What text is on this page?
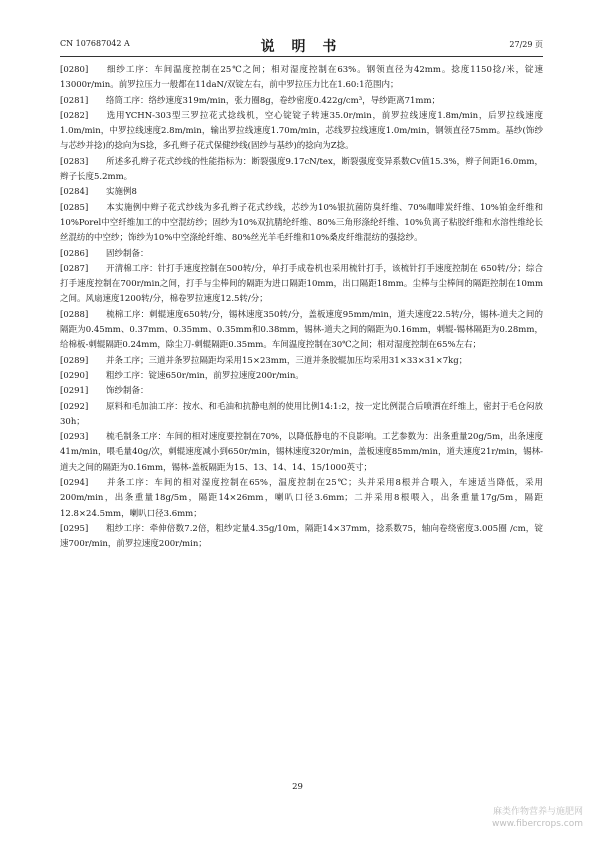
CN 107687042 A	说 明 书	27/29 页

[0280] 细纱工序：车间温度控制在25℃之间；相对湿度控制在63%。钢领直径为42mm。捻度1150捻/米，锭速13000r/min。前罗拉压力一般都在11daN/双锭左右，前中罗拉压力比在1.60:1范围内；

[0281] 络筒工序：络纱速度319m/min，张力圈8g，卷纱密度0.422g/cm³，导纱距离71mm；

[0282] 选用YCHN-303型三罗拉花式捻线机，空心锭锭子转速35.0r/min，前罗拉线速度1.8m/min，后罗拉线速度1.0m/min，中罗拉线速度2.8m/min，输出罗拉线速度1.70m/min，芯线罗拉线速度1.0m/min，钢领直径75mm。基纱(饰纱与芯纱并捻)的捻向为S捻，多孔辫子花式保健纱线(固纱与基纱)的捻向为Z捻。

[0283] 所述多孔辫子花式纱线的性能指标为：断裂强度9.17cN/tex，断裂强度变异系数Cv值15.3%，辫子间距16.0mm，辫子长度5.2mm。

[0284] 实施例8

[0285] 本实施例中辫子花式纱线为多孔辫子花式纱线，芯纱为10%银抗菌防臭纤维、70%咖啡炭纤维、10%铂金纤维和10%Porel中空纤维加工的中空混纺纱；固纱为10%双抗腈纶纤维、80%三角形涤纶纤维、10%负离子粘胶纤维和水溶性维纶长丝混纺的中空纱；饰纱为10%中空涤纶纤维、80%丝光羊毛纤维和10%桑皮纤维混纺的强捻纱。

[0286] 固纱制备：

[0287] 开清棉工序：针打手速度控制在500转/分，单打手成卷机也采用梳针打手，该梳针打手速度控制在 650转/分；综合打手速度控制在700r/min之间，打手与尘棒间的隔距为进口隔距10mm，出口隔距18mm。尘棒与尘棒间的隔距控制在10mm之间。风扇速度1200转/分，棉卷罗拉速度12.5转/分；

[0288] 梳棉工序：刺辊速度650转/分，锡林速度350转/分，盖板速度95mm/min，道夫速度22.5转/分，锡林-道夫之间的隔距为0.45mm、0.37mm、0.35mm、0.35mm和0.38mm，锡林-道夫之间的隔距为0.16mm，刺辊-锡林隔距为0.28mm，给棉板-刺辊隔距0.24mm，除尘刀-刺辊隔距0.35mm。车间温度控制在30℃之间；相对湿度控制在65%左右；

[0289] 并条工序；三道并条罗拉隔距均采用15×23mm，三道并条胶辊加压均采用31×33×31×7kg；

[0290] 粗纱工序：锭速650r/min，前罗拉速度200r/min。

[0291] 饰纱制备：

[0292] 原料和毛加油工序：按水、和毛油和抗静电剂的使用比例14:1:2，按一定比例混合后喷洒在纤维上，密封于毛仓闷放30h；

[0293] 梳毛制条工序：车间的相对速度要控制在70%，以降低静电的不良影响。工艺参数为：出条重量20g/5m，出条速度41m/min，喂毛量40g/次，刺辊速度减小到650r/min，锡林速度320r/min，盖板速度85mm/min，道夫速度21r/min，锡林-道夫之间的隔距为0.16mm，锡林-盖板隔距为15、13、14、14、15/1000英寸；

[0294] 并条工序：车间的相对湿度控制在65%，温度控制在25℃；头并采用8根并合喂入，车速适当降低，采用200m/min，出条重量18g/5m，隔距14×26mm，喇叭口径3.6mm；二并采用8根喂入，出条重量17g/5m，隔距12.8×24.5mm，喇叭口径3.6mm；

[0295] 粗纱工序：牵伸倍数7.2倍，粗纱定量4.35g/10m，隔距14×37mm，捻系数75，轴向卷绕密度3.005圈 /cm，锭速700r/min，前罗拉速度200r/min；

29
麻类作物营养与施肥网
www.fibercrops.com
